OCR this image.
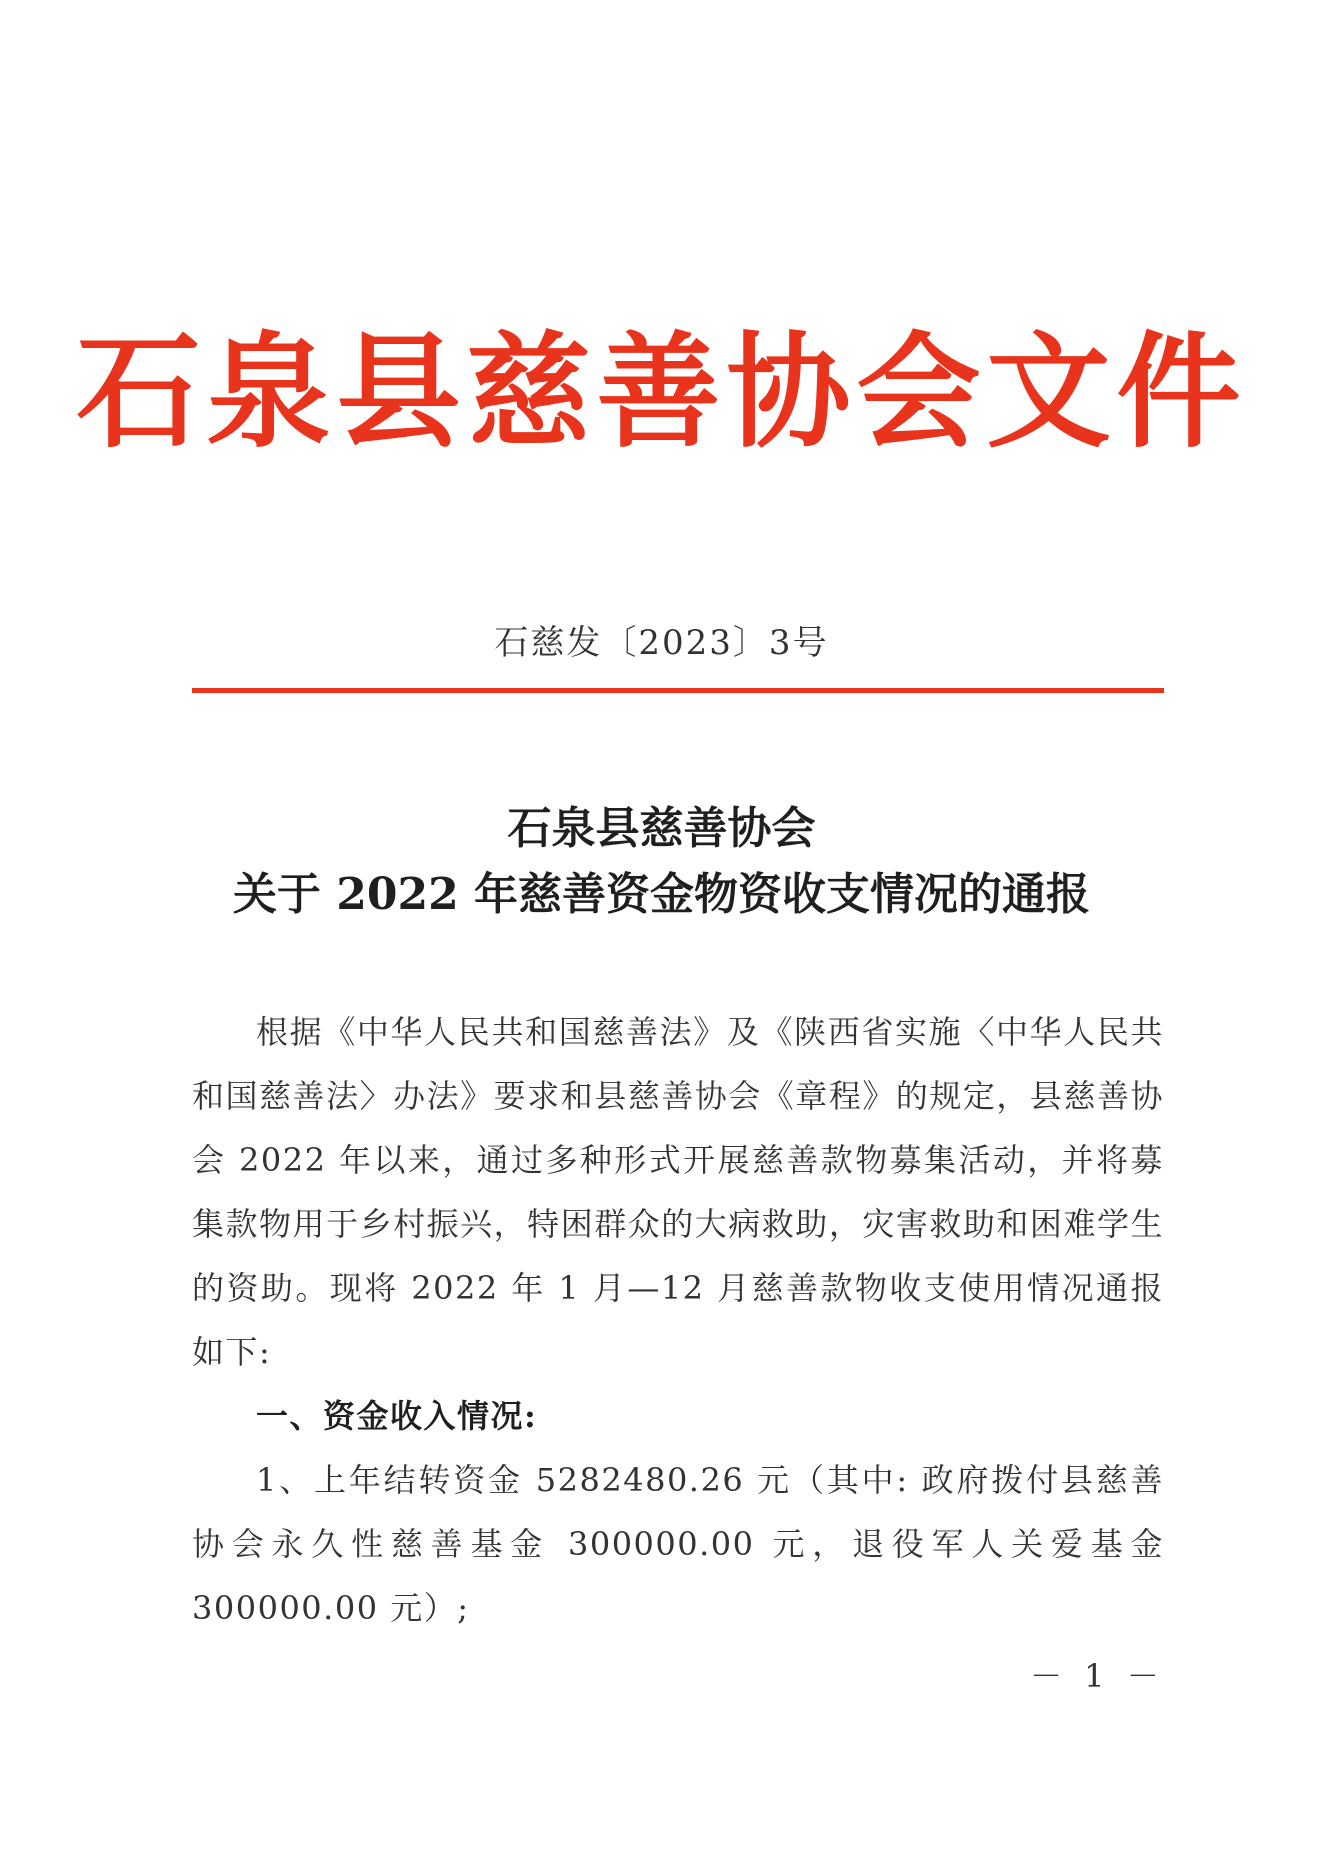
石泉县慈善协会文件
石慈发〔2023〕3号
石泉县慈善协会
关于 2022 年慈善资金物资收支情况的通报

根据《中华人民共和国慈善法》及《陕西省实施〈中华人民共和国慈善法〉办法》要求和县慈善协会《章程》的规定，县慈善协会 2022 年以来，通过多种形式开展慈善款物募集活动，并将募集款物用于乡村振兴，特困群众的大病救助，灾害救助和困难学生的资助。现将 2022 年 1 月—12 月慈善款物收支使用情况通报如下:

一、资金收入情况:

1、上年结转资金 5282480.26 元（其中: 政府拨付县慈善协会永久性慈善基金 300000.00 元，退役军人关爱基金 300000.00 元）;

－ 1 －
